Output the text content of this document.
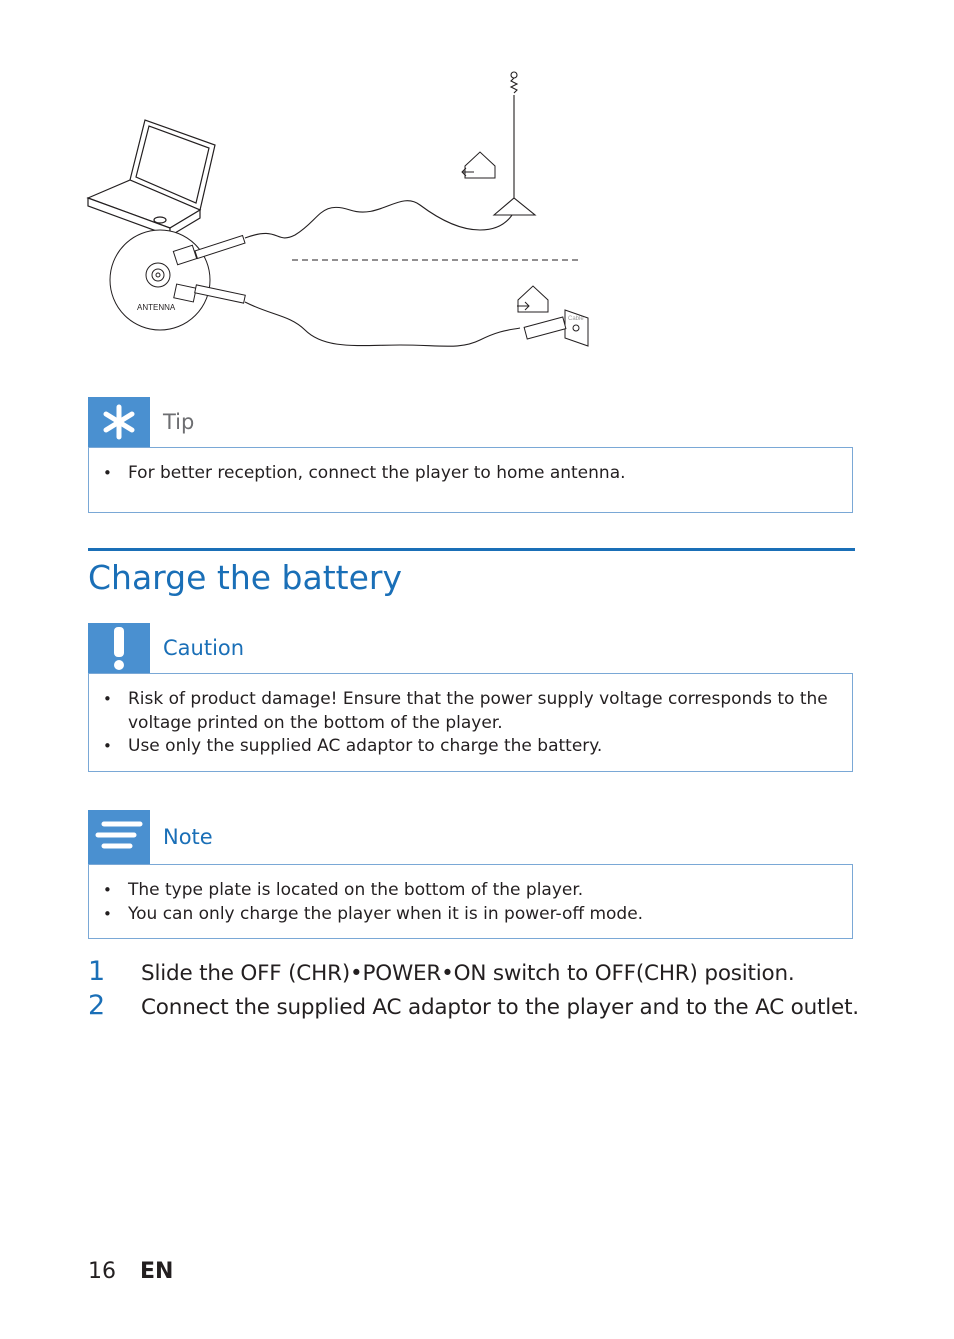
ANTENNA
Cable
Tip
• For better reception, connect the player to home antenna.
Charge the battery
Caution
• Risk of product damage! Ensure that the power supply voltage corresponds to the voltage printed on the bottom of the player.
• Use only the supplied AC adaptor to charge the battery.
Note
• The type plate is located on the bottom of the player.
• You can only charge the player when it is in power-off mode.
1 Slide the OFF (CHR)•POWER•ON switch to OFF(CHR) position.
2 Connect the supplied AC adaptor to the player and to the AC outlet.
16 EN
